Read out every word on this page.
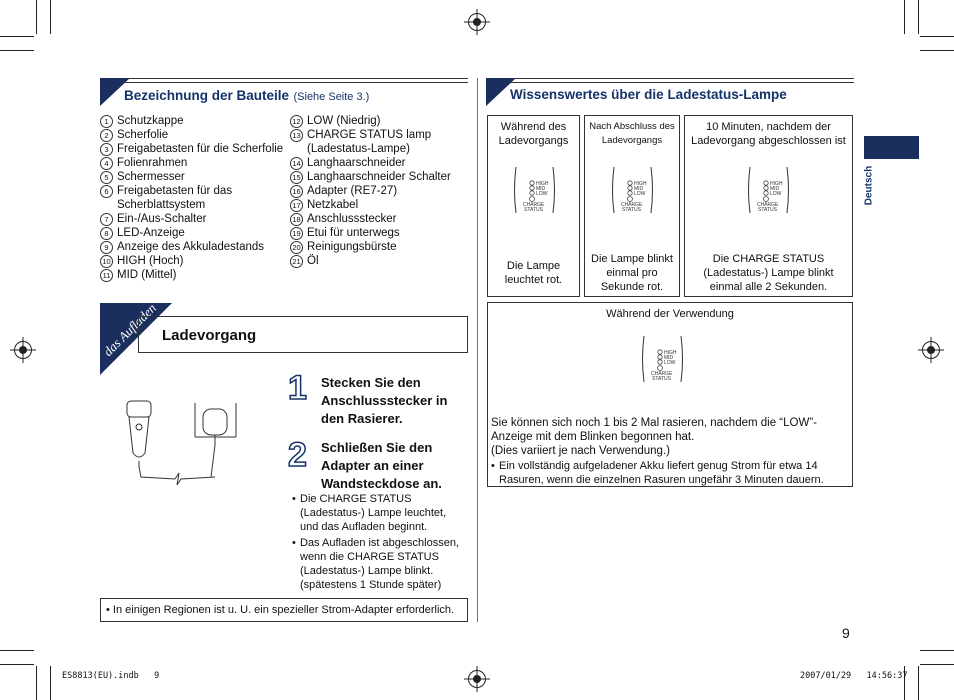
Bezeichnung der Bauteile (Siehe Seite 3.)
1 Schutzkappe
2 Scherfolie
3 Freigabetasten für die Scherfolie
4 Folienrahmen
5 Schermesser
6 Freigabetasten für das
Scherblattsystem
7 Ein-/Aus-Schalter
8 LED-Anzeige
9 Anzeige des Akkuladestands
10 HIGH (Hoch)
11 MID (Mittel)
12 LOW (Niedrig)
13 CHARGE STATUS lamp
(Ladestatus-Lampe)
14 Langhaarschneider
15 Langhaarschneider Schalter
16 Adapter (RE7-27)
17 Netzkabel
18 Anschlussstecker
19 Etui für unterwegs
20 Reinigungsbürste
21 Öl
das Aufladen Ladevorgang
1 Stecken Sie den Anschlussstecker in den Rasierer.
2 Schließen Sie den Adapter an einer Wandsteckdose an.
• Die CHARGE STATUS (Ladestatus-) Lampe leuchtet, und das Aufladen beginnt.
• Das Aufladen ist abgeschlossen, wenn die CHARGE STATUS (Ladestatus-) Lampe blinkt. (spätestens 1 Stunde später)
• In einigen Regionen ist u. U. ein spezieller Strom-Adapter erforderlich.
Wissenswertes über die Ladestatus-Lampe
Deutsch
Während des Ladevorgangs
Nach Abschluss des Ladevorgangs
10 Minuten, nachdem der Ladevorgang abgeschlossen ist
Die Lampe leuchtet rot.
Die Lampe blinkt einmal pro Sekunde rot.
Die CHARGE STATUS (Ladestatus-) Lampe blinkt einmal alle 2 Sekunden.
HIGH
MID
LOW
CHARGE
STATUS
HIGH
MID
LOW
CHARGE
STATUS
HIGH
MID
LOW
CHARGE
STATUS
Während der Verwendung
HIGH
MID
LOW
CHARGE
STATUS
Sie können sich noch 1 bis 2 Mal rasieren, nachdem die “LOW”-Anzeige mit dem Blinken begonnen hat.
(Dies variiert je nach Verwendung.)
• Ein vollständig aufgeladener Akku liefert genug Strom für etwa 14 Rasuren, wenn die einzelnen Rasuren ungefähr 3 Minuten dauern.
9
ES8813(EU).indb   9	2007/01/29   14:56:37
